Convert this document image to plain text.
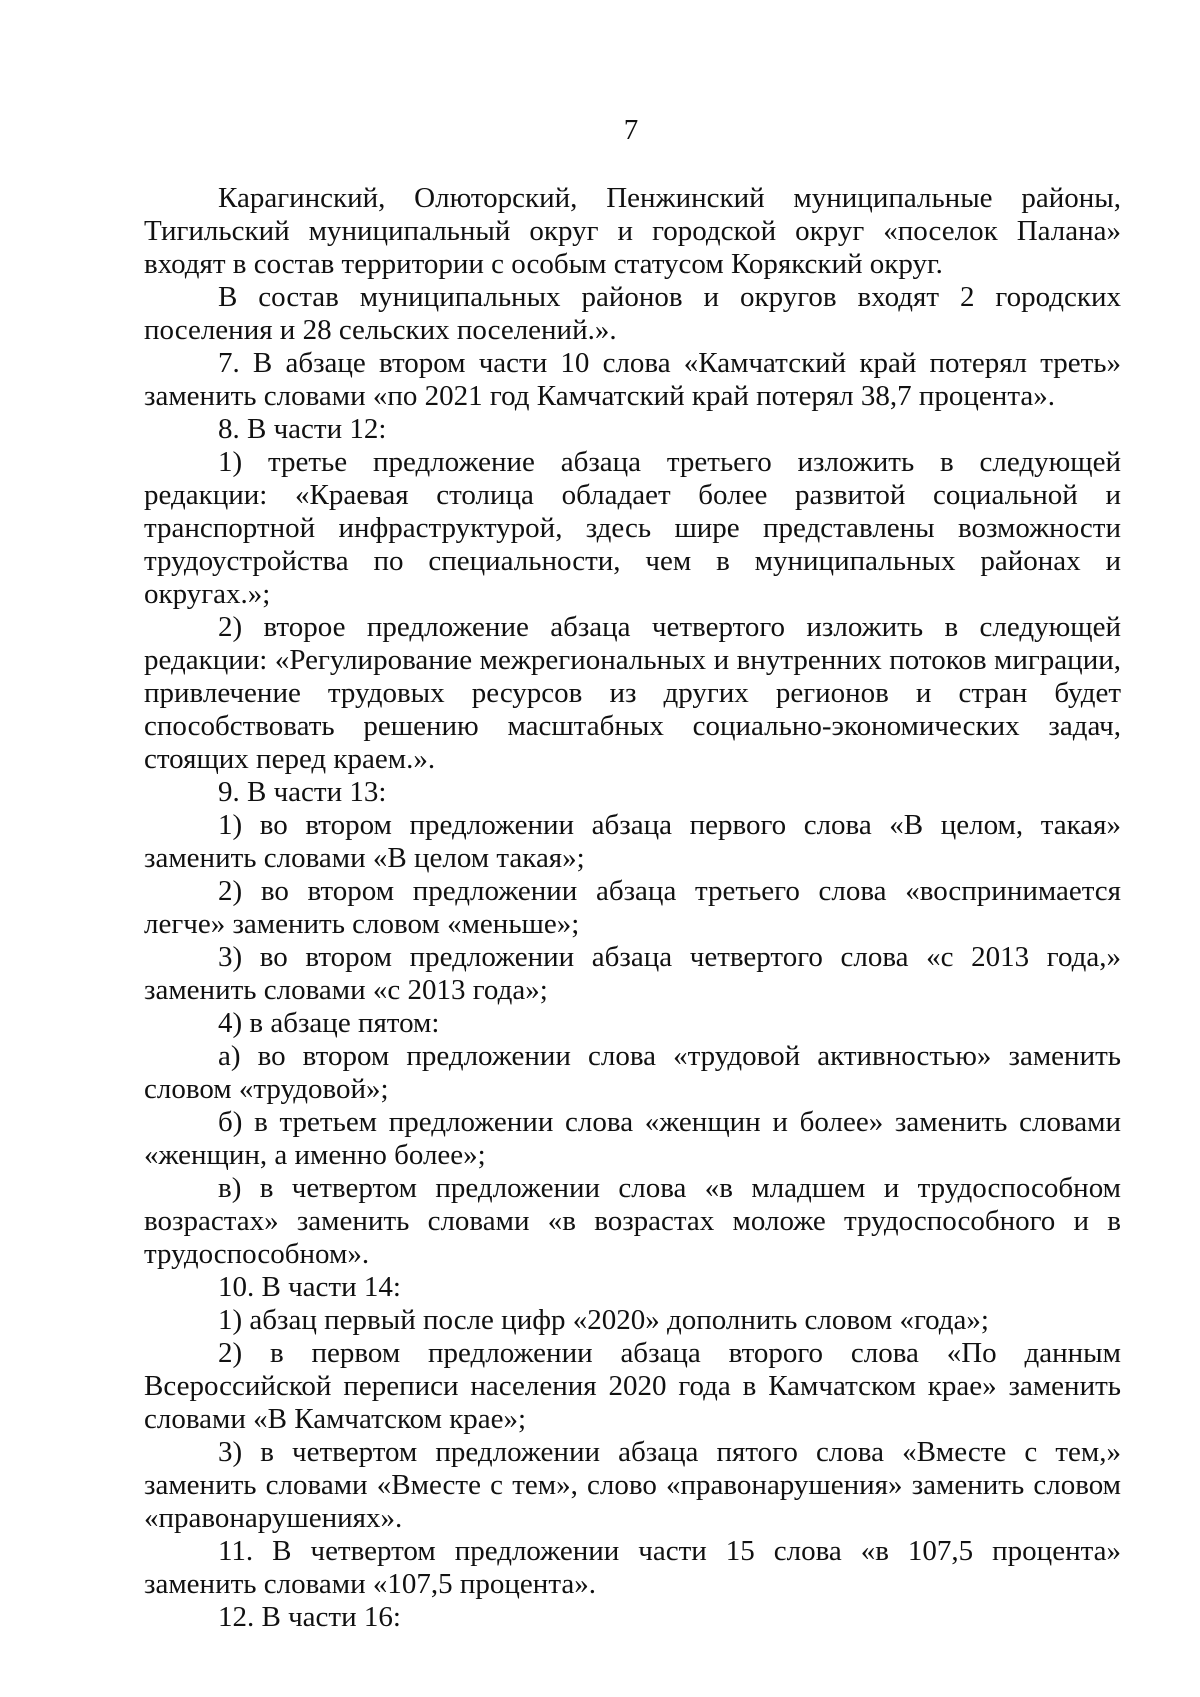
7

Карагинский, Олюторский, Пенжинский муниципальные районы, Тигильский муниципальный округ и городской округ «поселок Палана» входят в состав территории с особым статусом Корякский округ.

В состав муниципальных районов и округов входят 2 городских поселения и 28 сельских поселений.».

7. В абзаце втором части 10 слова «Камчатский край потерял треть» заменить словами «по 2021 год Камчатский край потерял 38,7 процента».

8. В части 12:

1) третье предложение абзаца третьего изложить в следующей редакции: «Краевая столица обладает более развитой социальной и транспортной инфраструктурой, здесь шире представлены возможности трудоустройства по специальности, чем в муниципальных районах и округах.»;

2) второе предложение абзаца четвертого изложить в следующей редакции: «Регулирование межрегиональных и внутренних потоков миграции, привлечение трудовых ресурсов из других регионов и стран будет способствовать решению масштабных социально-экономических задач, стоящих перед краем.».

9. В части 13:

1) во втором предложении абзаца первого слова «В целом, такая» заменить словами «В целом такая»;

2) во втором предложении абзаца третьего слова «воспринимается легче» заменить словом «меньше»;

3) во втором предложении абзаца четвертого слова «с 2013 года,» заменить словами «с 2013 года»;

4) в абзаце пятом:

а) во втором предложении слова «трудовой активностью» заменить словом «трудовой»;

б) в третьем предложении слова «женщин и более» заменить словами «женщин, а именно более»;

в) в четвертом предложении слова «в младшем и трудоспособном возрастах» заменить словами «в возрастах моложе трудоспособного и в трудоспособном».

10. В части 14:

1) абзац первый после цифр «2020» дополнить словом «года»;

2) в первом предложении абзаца второго слова «По данным Всероссийской переписи населения 2020 года в Камчатском крае» заменить словами «В Камчатском крае»;

3) в четвертом предложении абзаца пятого слова «Вместе с тем,» заменить словами «Вместе с тем», слово «правонарушения» заменить словом «правонарушениях».

11. В четвертом предложении части 15 слова «в 107,5 процента» заменить словами «107,5 процента».

12. В части 16:
